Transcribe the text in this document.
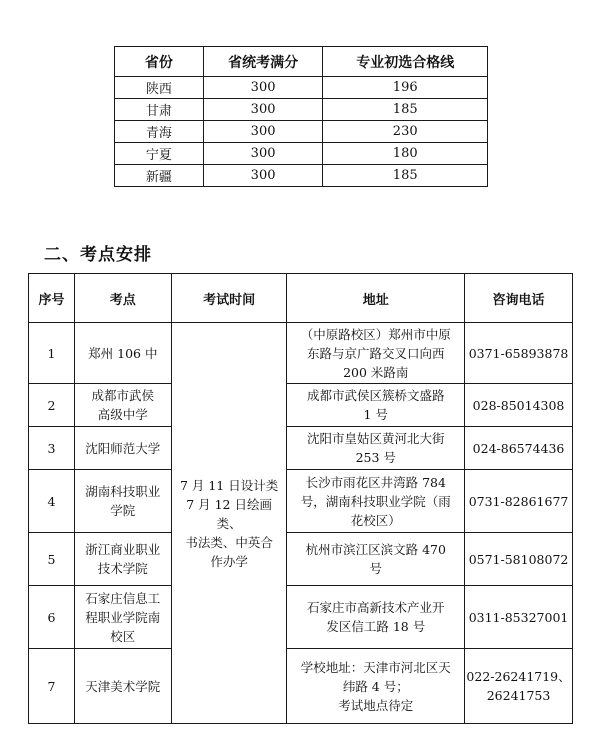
省份	省统考满分	专业初选合格线
陕西	300	196
甘肃	300	185
青海	300	230
宁夏	300	180
新疆	300	185
二、考点安排
序号	考点	考试时间	地址	咨询电话
1	郑州 106 中	7 月 11 日设计类
7 月 12 日绘画类、
书法类、中英合
作办学	（中原路校区）郑州市中原
东路与京广路交叉口向西
200 米路南	0371-65893878

2	成都市武侯
高级中学		成都市武侯区簇桥文盛路
1 号	028-85014308

3	沈阳师范大学		沈阳市皇姑区黄河北大街
253 号	024-86574436

4	湖南科技职业
学院		长沙市雨花区井湾路 784
号，湖南科技职业学院（雨
花校区）	0731-82861677

5	浙江商业职业
技术学院		杭州市滨江区滨文路 470
号	0571-58108072

6	石家庄信息工
程职业学院南
校区		石家庄市高新技术产业开
发区信工路 18 号	0311-85327001

7	天津美术学院		学校地址：天津市河北区天
纬路 4 号；
考试地点待定	022-26241719、
26241753
